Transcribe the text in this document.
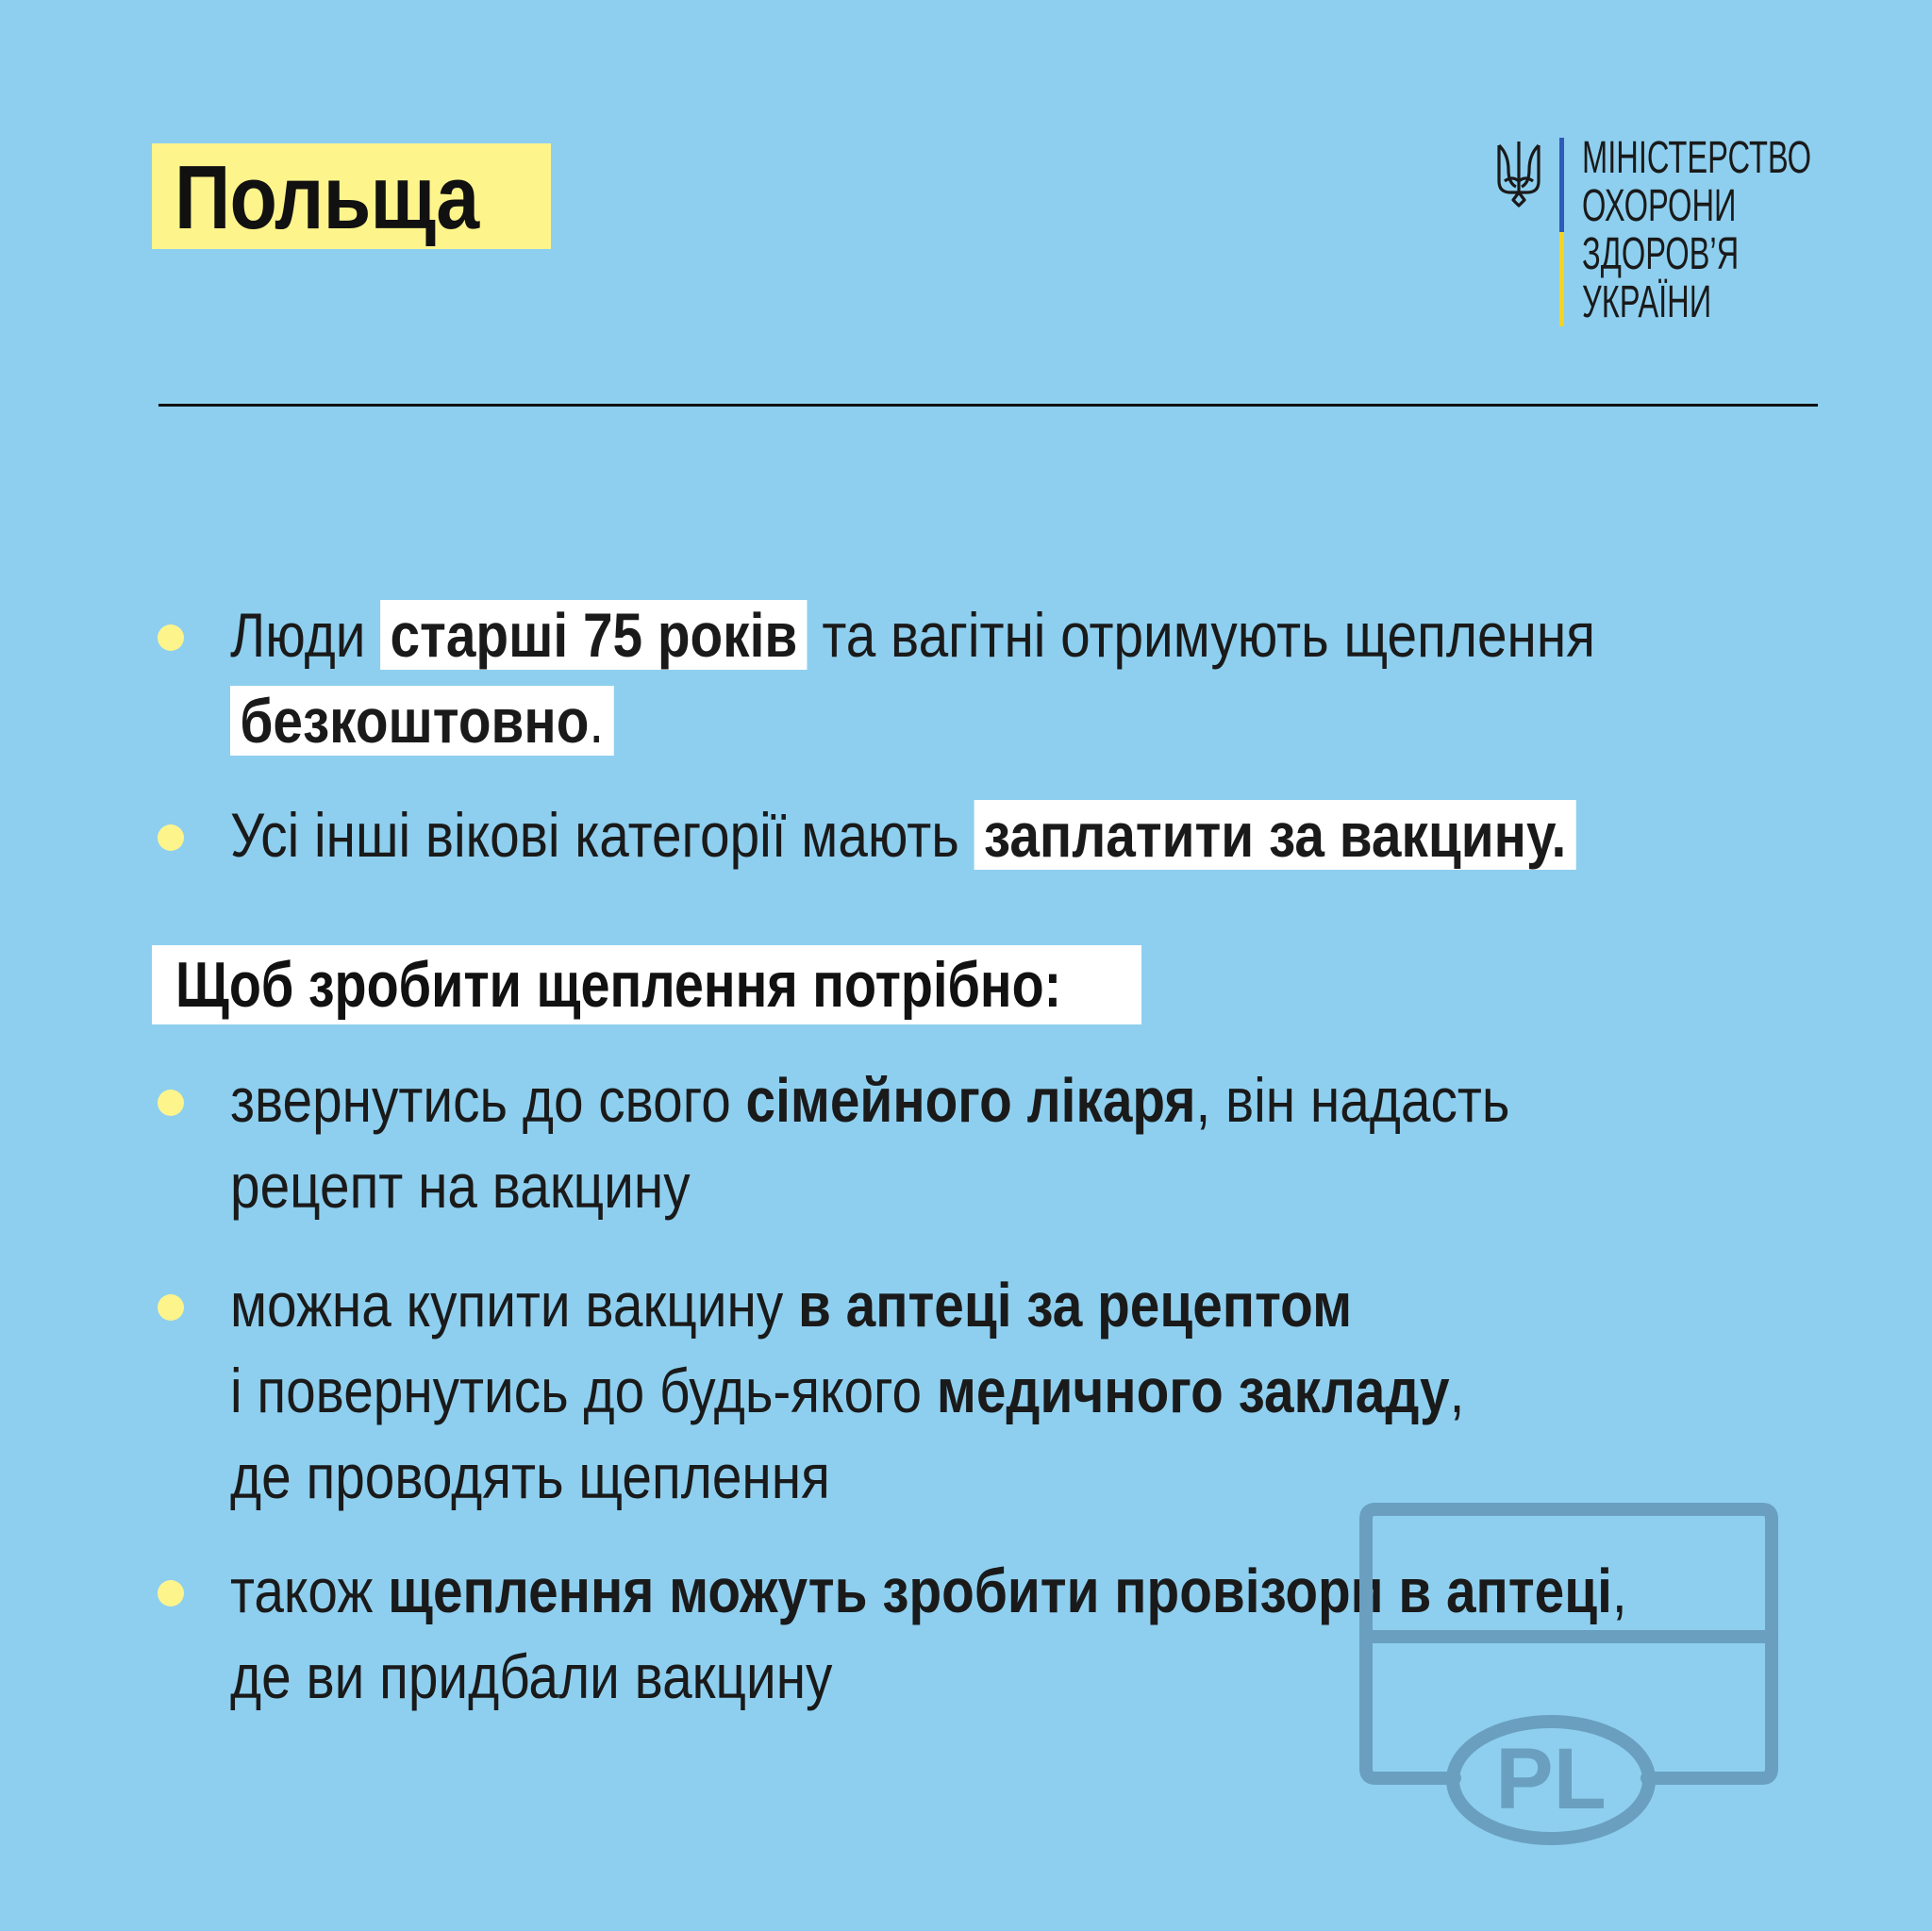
Польща	МІНІСТЕРСТВО
ОХОРОНИ
ЗДОРОВ’Я
УКРАЇНИ
Люди старші 75 років та вагітні отримують щеплення
безкоштовно.
Усі інші вікові категорії мають заплатити за вакцину.
Щоб зробити щеплення потрібно:
звернутись до свого сімейного лікаря, він надасть
рецепт на вакцину
можна купити вакцину в аптеці за рецептом
і повернутись до будь-якого медичного закладу,
де проводять щеплення
також щеплення можуть зробити провізори в аптеці,
де ви придбали вакцину
PL
